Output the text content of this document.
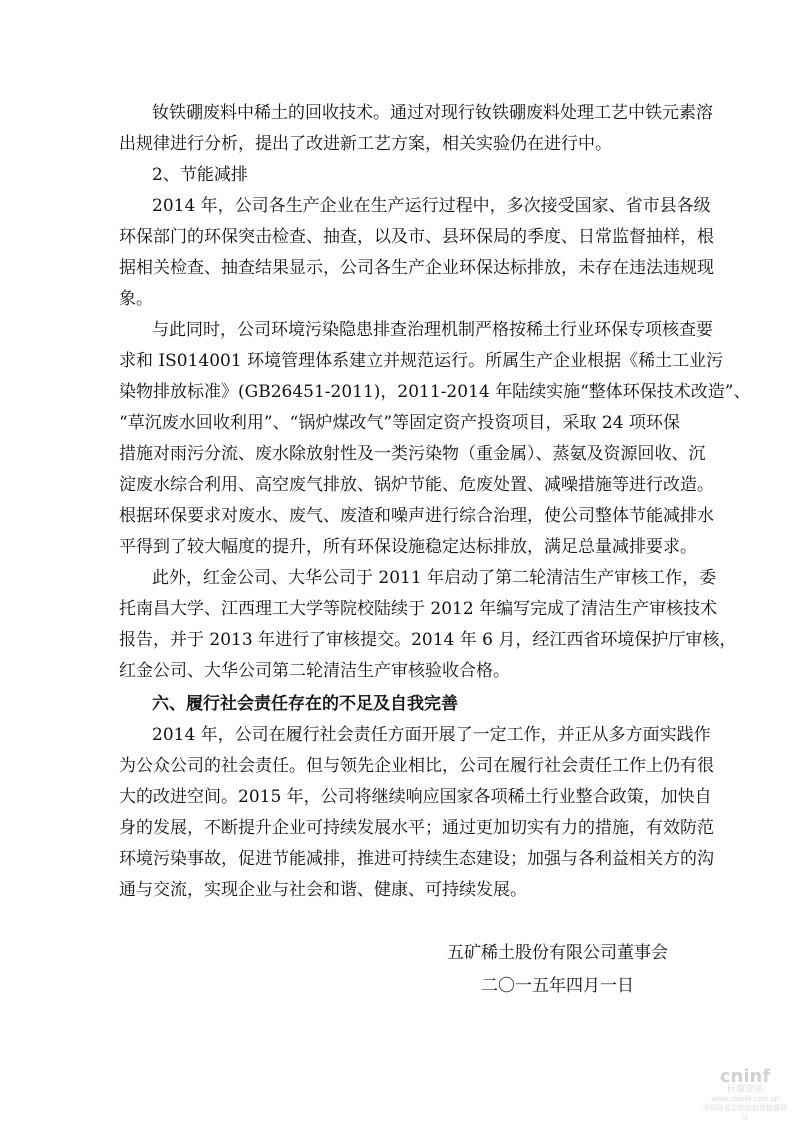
钕铁硼废料中稀土的回收技术。通过对现行钕铁硼废料处理工艺中铁元素溶
出规律进行分析，提出了改进新工艺方案，相关实验仍在进行中。
2、节能减排
2014 年，公司各生产企业在生产运行过程中，多次接受国家、省市县各级
环保部门的环保突击检查、抽查，以及市、县环保局的季度、日常监督抽样，根
据相关检查、抽查结果显示，公司各生产企业环保达标排放，未存在违法违规现
象。
与此同时，公司环境污染隐患排查治理机制严格按稀土行业环保专项核查要
求和 IS014001 环境管理体系建立并规范运行。所属生产企业根据《稀土工业污
染物排放标准》(GB26451-2011)，2011-2014 年陆续实施“整体环保技术改造”、
“草沉废水回收利用”、“锅炉煤改气”等固定资产投资项目，采取 24 项环保
措施对雨污分流、废水除放射性及一类污染物（重金属）、蒸氨及资源回收、沉
淀废水综合利用、高空废气排放、锅炉节能、危废处置、减噪措施等进行改造。
根据环保要求对废水、废气、废渣和噪声进行综合治理，使公司整体节能减排水
平得到了较大幅度的提升，所有环保设施稳定达标排放，满足总量减排要求。
此外，红金公司、大华公司于 2011 年启动了第二轮清洁生产审核工作，委
托南昌大学、江西理工大学等院校陆续于 2012 年编写完成了清洁生产审核技术
报告，并于 2013 年进行了审核提交。2014 年 6 月，经江西省环境保护厅审核，
红金公司、大华公司第二轮清洁生产审核验收合格。
六、履行社会责任存在的不足及自我完善
2014 年，公司在履行社会责任方面开展了一定工作，并正从多方面实践作
为公众公司的社会责任。但与领先企业相比，公司在履行社会责任工作上仍有很
大的改进空间。2015 年，公司将继续响应国家各项稀土行业整合政策，加快自
身的发展，不断提升企业可持续发展水平；通过更加切实有力的措施，有效防范
环境污染事故，促进节能减排，推进可持续生态建设；加强与各利益相关方的沟
通与交流，实现企业与社会和谐、健康、可持续发展。
五矿稀土股份有限公司董事会
二〇一五年四月一日
cninf
巨潮资讯
www.cninfo.com.cn
中国证监会指定信息披露网站
